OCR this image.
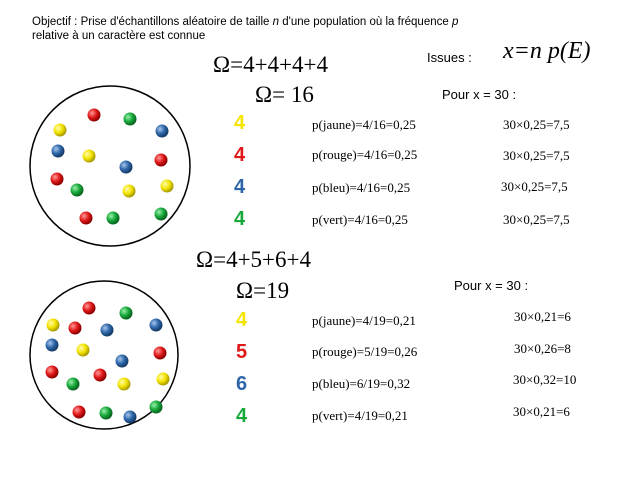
Objectif : Prise d'échantillons aléatoire de taille n d'une population où la fréquence p
relative à un caractère est connue
Issues : x=n p(E)
Ω=4+4+4+4
Ω= 16	Pour x = 30 :
4	p(jaune)=4/16=0,25	30×0,25=7,5
4	p(rouge)=4/16=0,25	30×0,25=7,5
4	p(bleu)=4/16=0,25	30×0,25=7,5
4	p(vert)=4/16=0,25	30×0,25=7,5
Ω=4+5+6+4
Ω=19	Pour x = 30 :
4	p(jaune)=4/19=0,21	30×0,21=6
5	p(rouge)=5/19=0,26	30×0,26=8
6	p(bleu)=6/19=0,32	30×0,32=10
4	p(vert)=4/19=0,21	30×0,21=6
